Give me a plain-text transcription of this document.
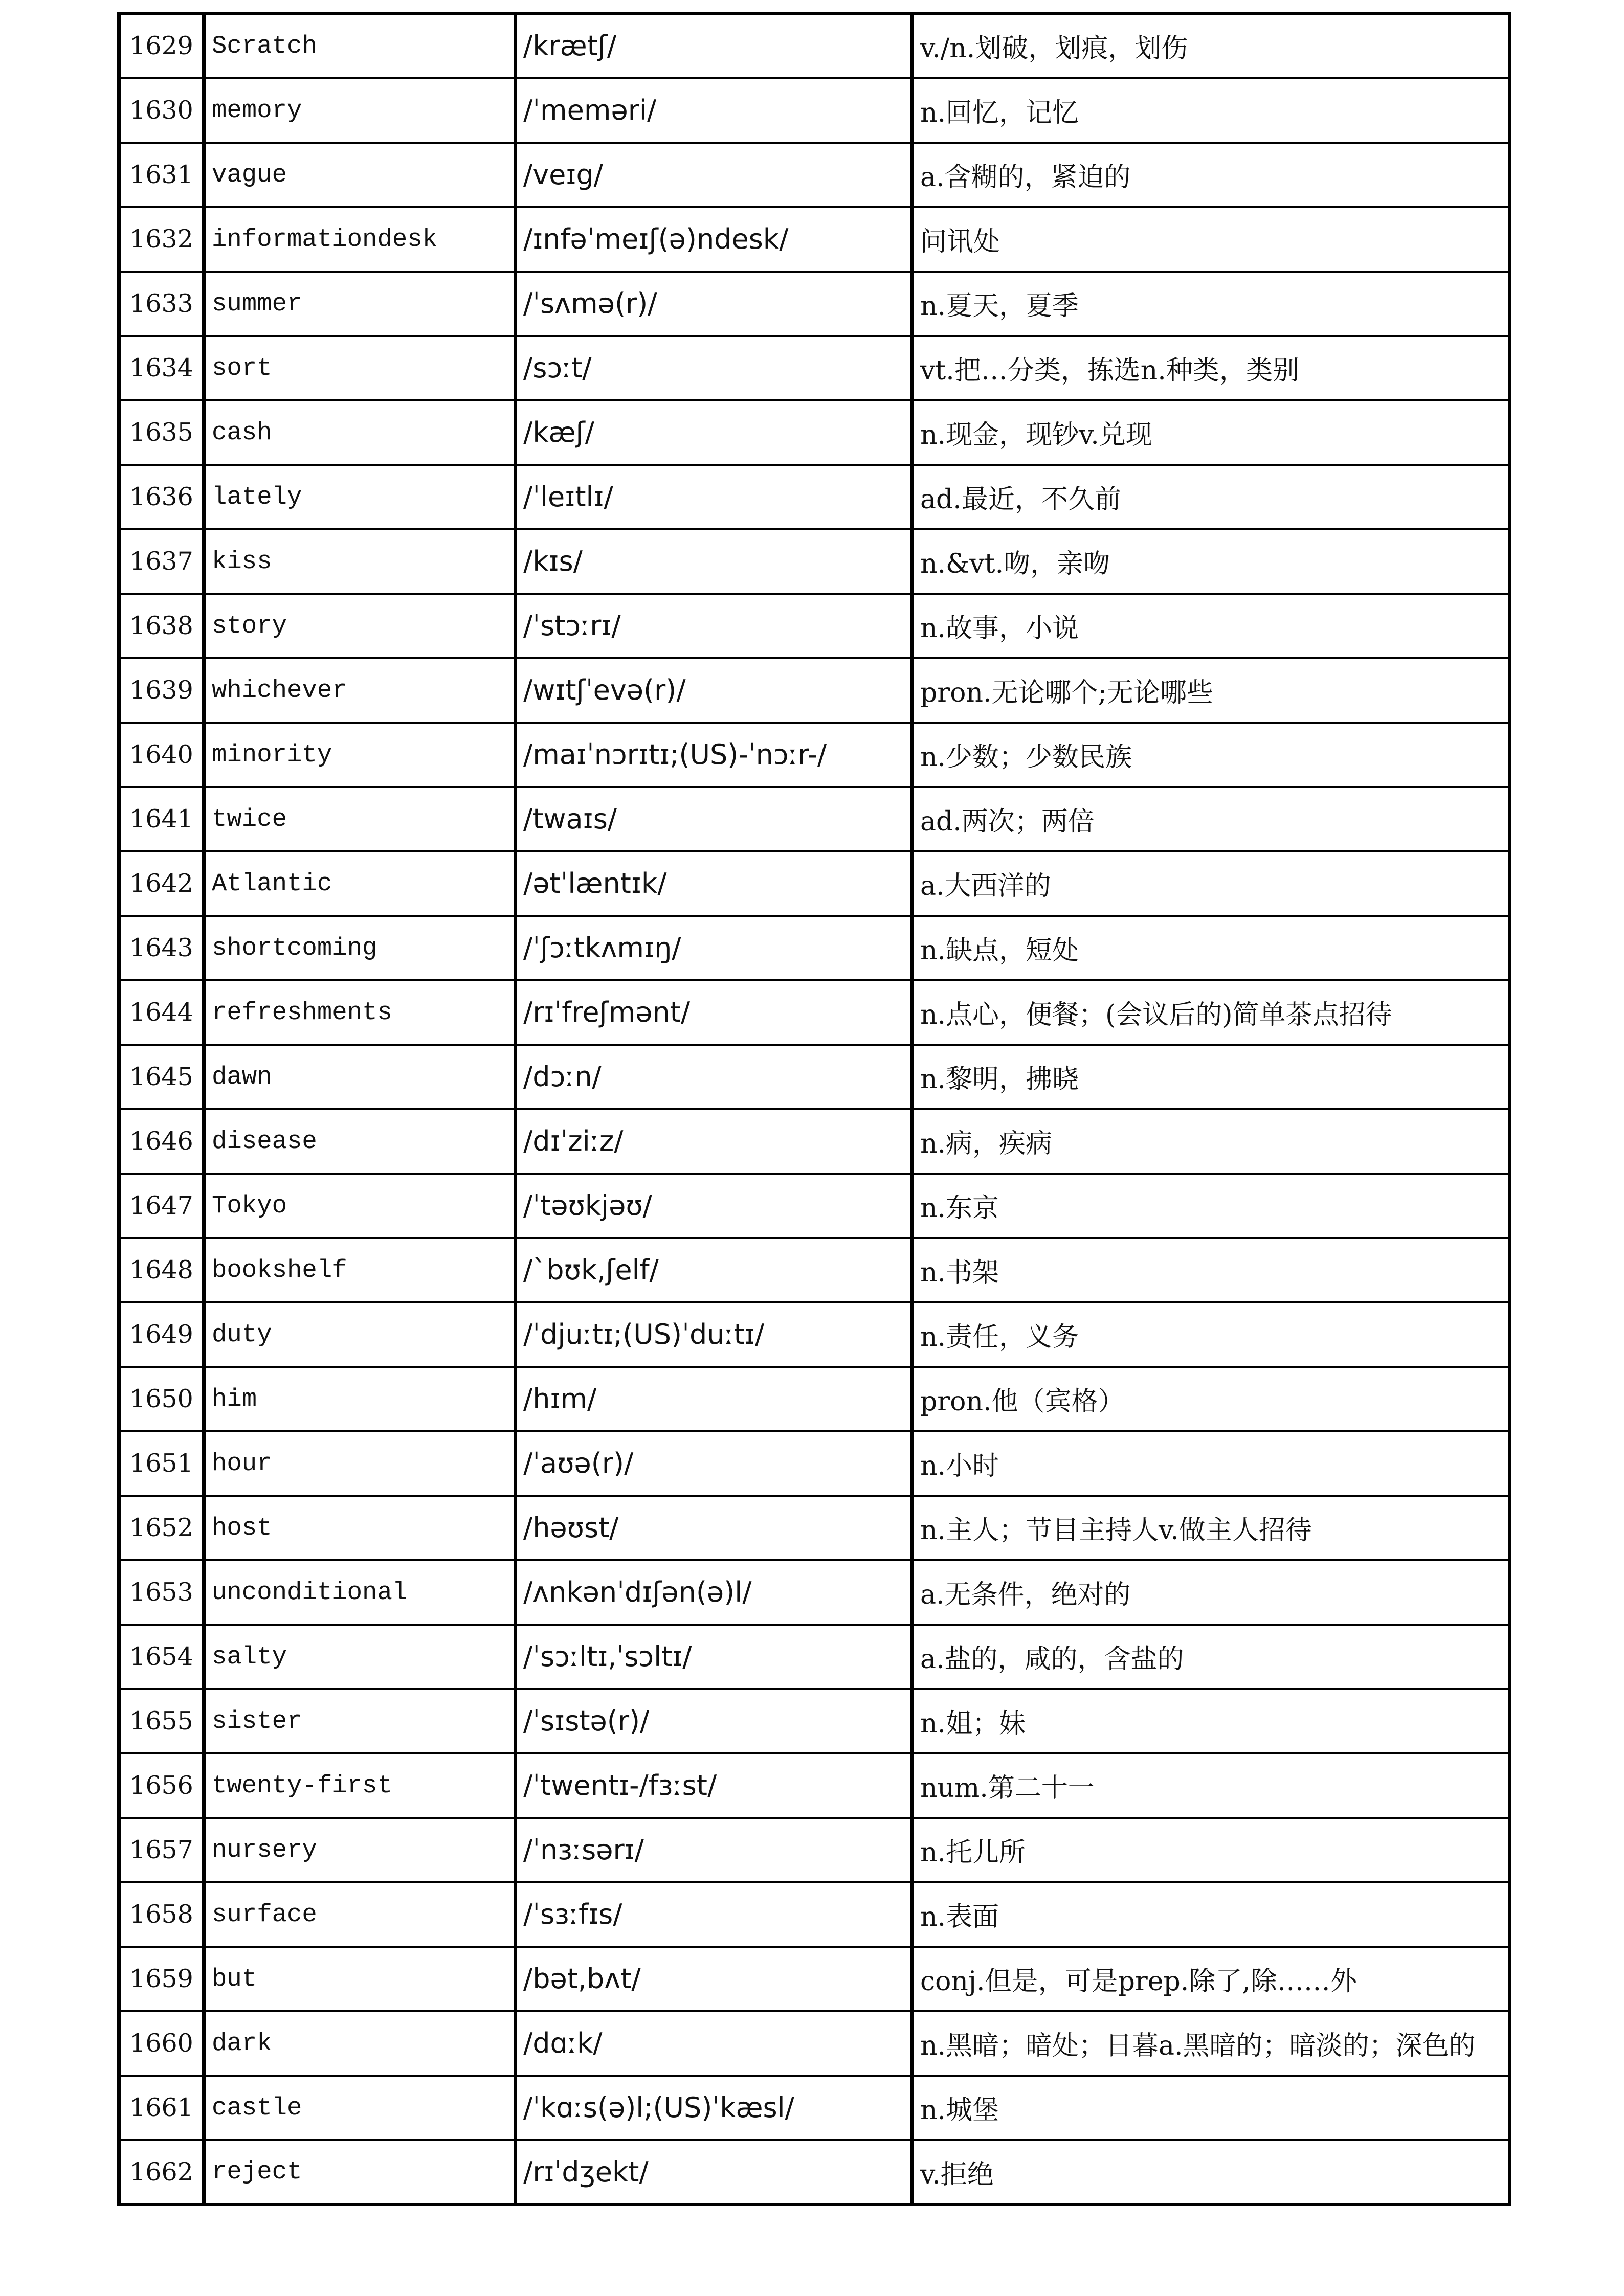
1629	Scratch	/krætʃ/	v./n.划破，划痕，划伤
1630	memory	/ˈmeməri/	n.回忆，记忆
1631	vague	/veɪg/	a.含糊的，紧迫的
1632	informationdesk	/ɪnfəˈmeɪʃ(ə)ndesk/	问讯处
1633	summer	/ˈsʌmə(r)/	n.夏天，夏季
1634	sort	/sɔːt/	vt.把…分类，拣选n.种类，类别
1635	cash	/kæʃ/	n.现金，现钞v.兑现
1636	lately	/ˈleɪtlɪ/	ad.最近，不久前
1637	kiss	/kɪs/	n.&vt.吻，亲吻
1638	story	/ˈstɔːrɪ/	n.故事，小说
1639	whichever	/wɪtʃˈevə(r)/	pron.无论哪个;无论哪些
1640	minority	/maɪˈnɔrɪtɪ;(US)-ˈnɔːr-/	n.少数；少数民族
1641	twice	/twaɪs/	ad.两次；两倍
1642	Atlantic	/ətˈlæntɪk/	a.大西洋的
1643	shortcoming	/ˈʃɔːtkʌmɪŋ/	n.缺点，短处
1644	refreshments	/rɪˈfreʃmənt/	n.点心，便餐；(会议后的)简单茶点招待
1645	dawn	/dɔːn/	n.黎明，拂晓
1646	disease	/dɪˈziːz/	n.病，疾病
1647	Tokyo	/ˈtəʊkjəʊ/	n.东京
1648	bookshelf	/ˋbʊk,ʃelf/	n.书架
1649	duty	/ˈdjuːtɪ;(US)ˈduːtɪ/	n.责任，义务
1650	him	/hɪm/	pron.他（宾格）
1651	hour	/ˈaʊə(r)/	n.小时
1652	host	/həʊst/	n.主人；节目主持人v.做主人招待
1653	unconditional	/ʌnkənˈdɪʃən(ə)l/	a.无条件，绝对的
1654	salty	/ˈsɔːltɪ,ˈsɔltɪ/	a.盐的，咸的，含盐的
1655	sister	/ˈsɪstə(r)/	n.姐；妹
1656	twenty-first	/ˈtwentɪ-/fɜːst/	num.第二十一
1657	nursery	/ˈnɜːsərɪ/	n.托儿所
1658	surface	/ˈsɜːfɪs/	n.表面
1659	but	/bət,bʌt/	conj.但是，可是prep.除了,除……外
1660	dark	/dɑːk/	n.黑暗；暗处；日暮a.黑暗的；暗淡的；深色的
1661	castle	/ˈkɑːs(ə)l;(US)ˈkæsl/	n.城堡
1662	reject	/rɪˈdʒekt/	v.拒绝
